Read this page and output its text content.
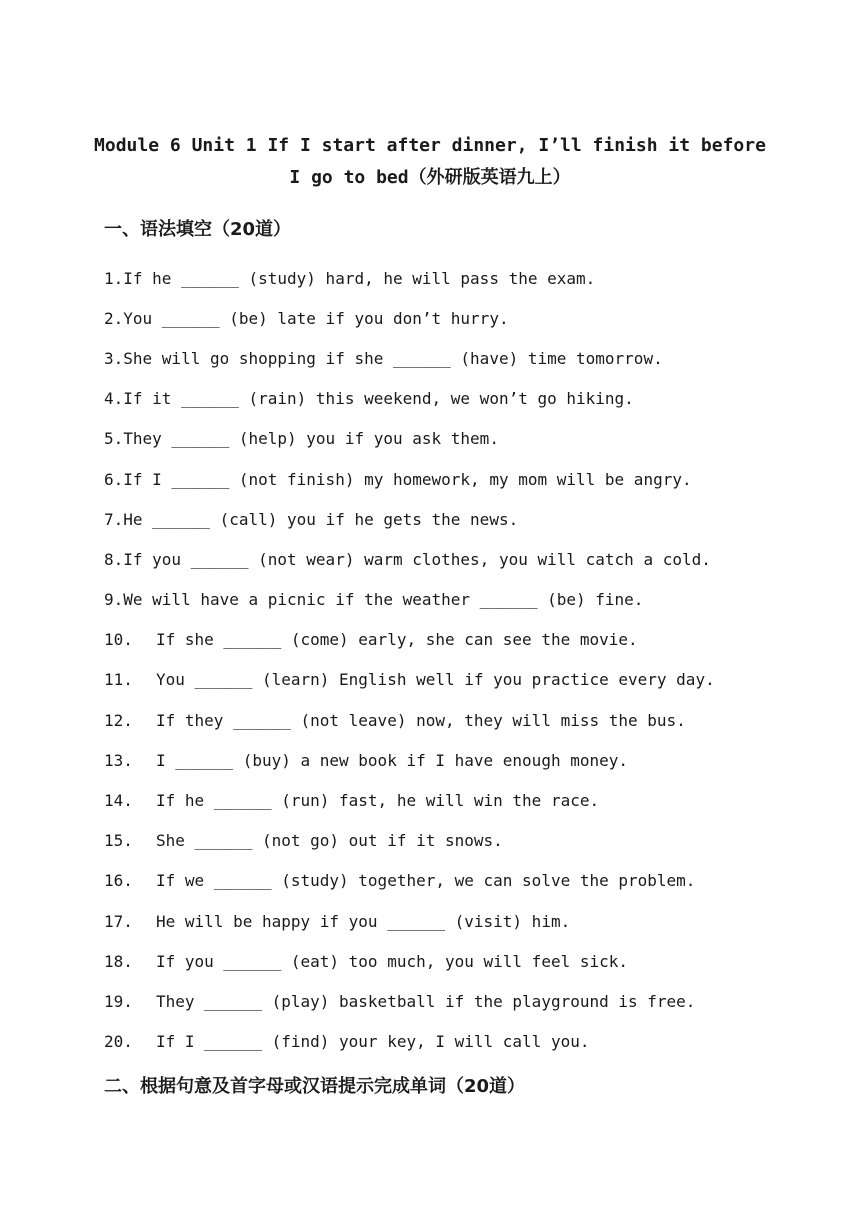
Module 6 Unit 1 If I start after dinner, I’ll finish it before
I go to bed（外研版英语九上）
一、语法填空（20道）
1. If he ______ (study) hard, he will pass the exam.
2. You ______ (be) late if you don’t hurry.
3. She will go shopping if she ______ (have) time tomorrow.
4. If it ______ (rain) this weekend, we won’t go hiking.
5. They ______ (help) you if you ask them.
6. If I ______ (not finish) my homework, my mom will be angry.
7. He ______ (call) you if he gets the news.
8. If you ______ (not wear) warm clothes, you will catch a cold.
9. We will have a picnic if the weather ______ (be) fine.
10.	If she ______ (come) early, she can see the movie.
11.	You ______ (learn) English well if you practice every day.
12.	If they ______ (not leave) now, they will miss the bus.
13.	I ______ (buy) a new book if I have enough money.
14.	If he ______ (run) fast, he will win the race.
15.	She ______ (not go) out if it snows.
16.	If we ______ (study) together, we can solve the problem.
17.	He will be happy if you ______ (visit) him.
18.	If you ______ (eat) too much, you will feel sick.
19.	They ______ (play) basketball if the playground is free.
20.	If I ______ (find) your key, I will call you.
二、根据句意及首字母或汉语提示完成单词（20道）
